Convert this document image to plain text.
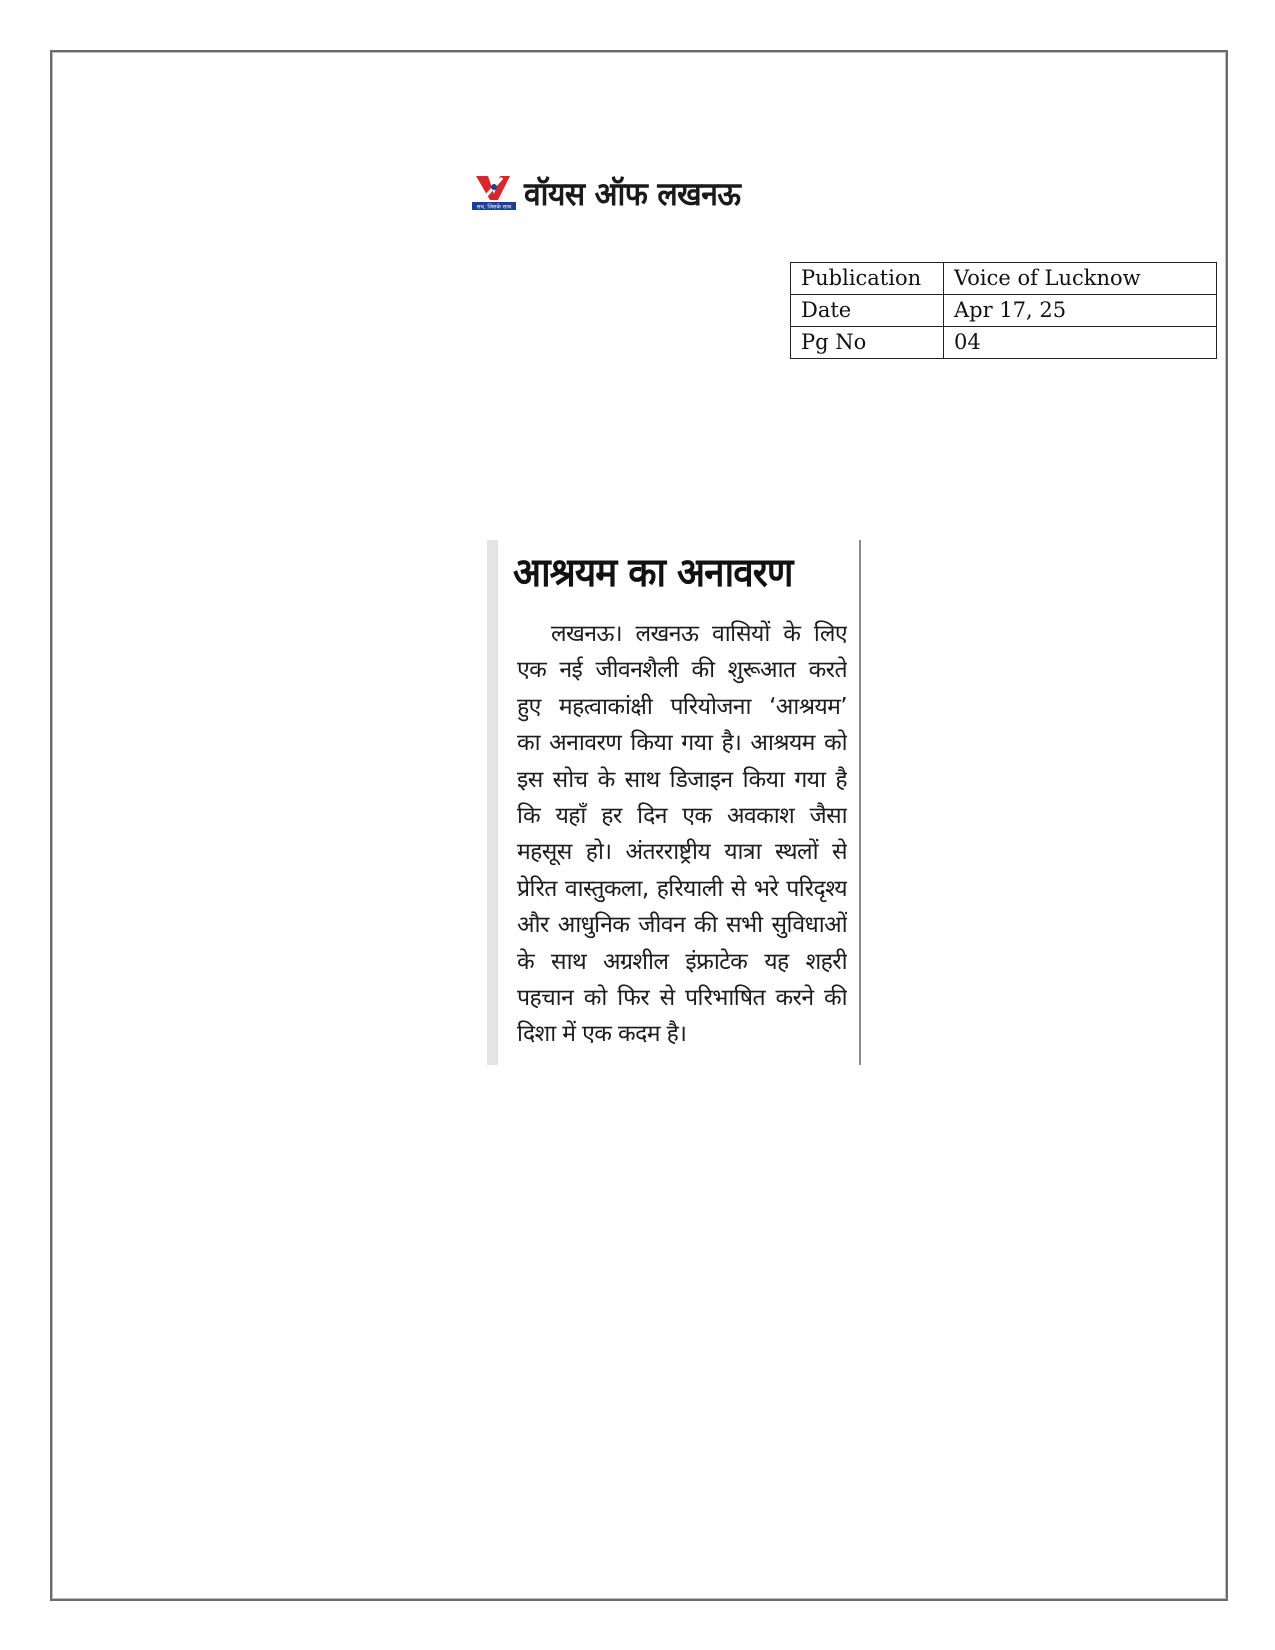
सच, जिसके साथ वॉयस ऑफ लखनऊ
Publication	Voice of Lucknow
Date	Apr 17, 25
Pg No	04
आश्रयम का अनावरण
लखनऊ। लखनऊ वासियों के लिए
एक नई जीवनशैली की शुरूआत करते
हुए महत्वाकांक्षी परियोजना ‘आश्रयम’
का अनावरण किया गया है। आश्रयम को
इस सोच के साथ डिजाइन किया गया है
कि यहाँ हर दिन एक अवकाश जैसा
महसूस हो। अंतरराष्ट्रीय यात्रा स्थलों से
प्रेरित वास्तुकला, हरियाली से भरे परिदृश्य
और आधुनिक जीवन की सभी सुविधाओं
के साथ अग्रशील इंफ्राटेक यह शहरी
पहचान को फिर से परिभाषित करने की
दिशा में एक कदम है।
